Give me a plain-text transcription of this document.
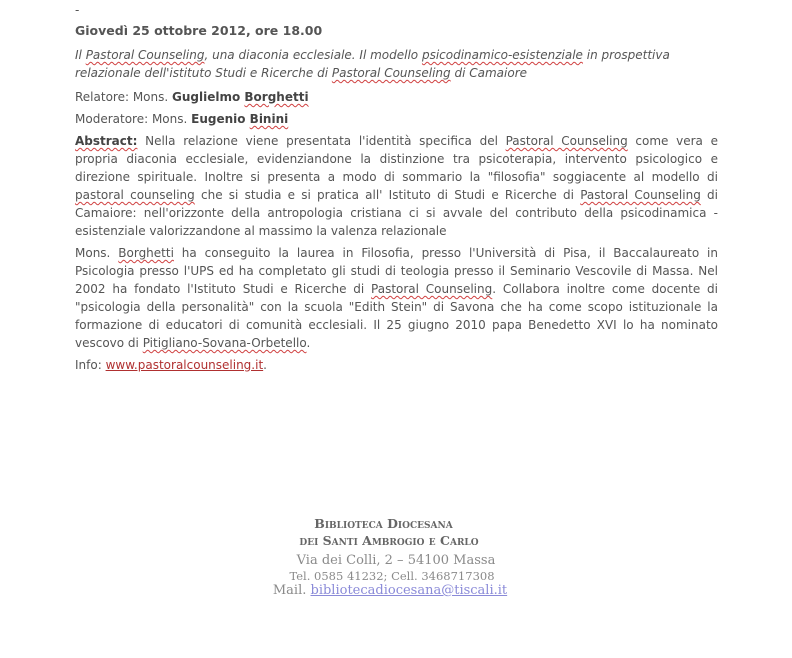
-
Giovedì 25 ottobre 2012, ore 18.00
Il Pastoral Counseling, una diaconia ecclesiale. Il modello psicodinamico-esistenziale in prospettiva relazionale dell'istituto Studi e Ricerche di Pastoral Counseling di Camaiore
Relatore: Mons. Guglielmo Borghetti
Moderatore: Mons. Eugenio Binini
Abstract: Nella relazione viene presentata l'identità specifica del Pastoral Counseling come vera e propria diaconia ecclesiale, evidenziandone la distinzione tra psicoterapia, intervento psicologico e direzione spirituale. Inoltre si presenta a modo di sommario la "filosofia" soggiacente al modello di pastoral counseling che si studia e si pratica all' Istituto di Studi e Ricerche di Pastoral Counseling di Camaiore: nell'orizzonte della antropologia cristiana ci si avvale del contributo della psicodinamica - esistenziale valorizzandone al massimo la valenza relazionale
Mons. Borghetti ha conseguito la laurea in Filosofia, presso l'Università di Pisa, il Baccalaureato in Psicologia presso l'UPS ed ha completato gli studi di teologia presso il Seminario Vescovile di Massa. Nel 2002 ha fondato l'Istituto Studi e Ricerche di Pastoral Counseling. Collabora inoltre come docente di "psicologia della personalità" con la scuola "Edith Stein" di Savona che ha come scopo istituzionale la formazione di educatori di comunità ecclesiali. Il 25 giugno 2010 papa Benedetto XVI lo ha nominato vescovo di Pitigliano-Sovana-Orbetello.
Info: www.pastoralcounseling.it.
Biblioteca Diocesana
dei Santi Ambrogio e Carlo
Via dei Colli, 2 – 54100 Massa
Tel. 0585 41232; Cell. 3468717308
Mail. bibliotecadiocesana@tiscali.it
